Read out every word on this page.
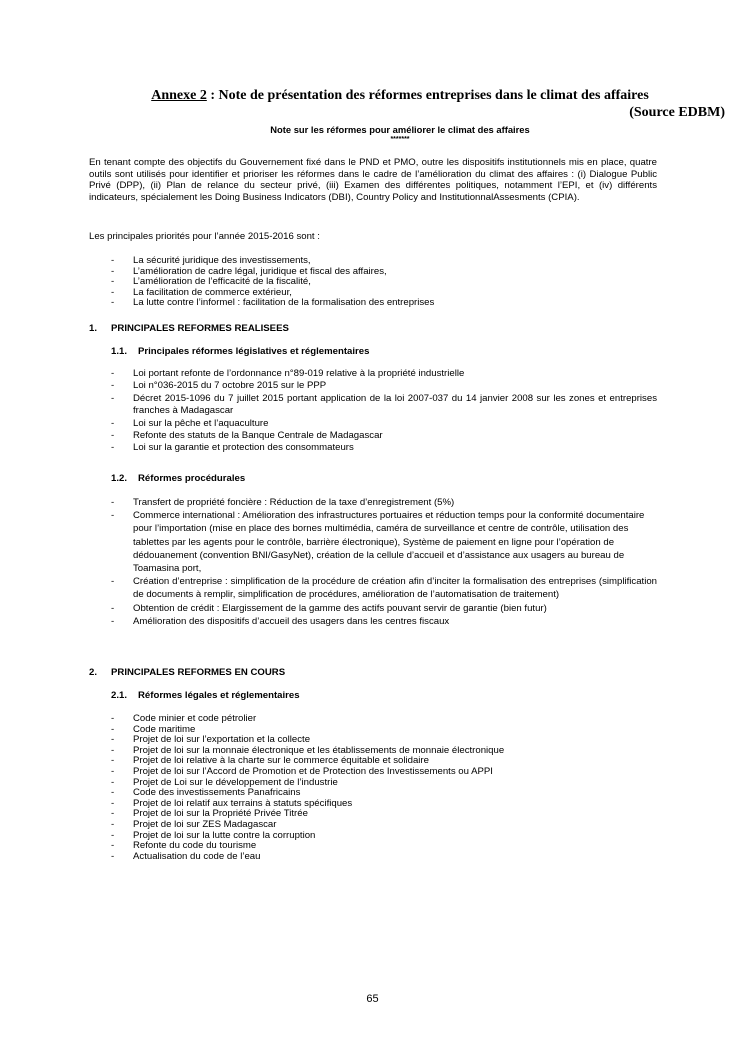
Annexe 2 : Note de présentation des réformes entreprises dans le climat des affaires
(Source EDBM)
Note sur les réformes pour améliorer le climat des affaires
*******
En tenant compte des objectifs du Gouvernement fixé dans le PND et PMO, outre les dispositifs institutionnels mis en place, quatre outils sont utilisés pour identifier et prioriser les réformes dans le cadre de l’amélioration du climat des affaires : (i) Dialogue Public Privé (DPP), (ii) Plan de relance du secteur privé, (iii) Examen des différentes politiques, notamment l’EPI, et (iv) différents indicateurs, spécialement les Doing Business Indicators (DBI), Country Policy and InstitutionnalAssesments (CPIA).
Les principales priorités pour l’année 2015-2016 sont :
- La sécurité juridique des investissements,
- L’amélioration de cadre légal, juridique et fiscal des affaires,
- L’amélioration de l’efficacité de la fiscalité,
- La facilitation de commerce extérieur,
- La lutte contre l’informel : facilitation de la formalisation des entreprises
1. PRINCIPALES REFORMES REALISEES
1.1. Principales réformes législatives et réglementaires
- Loi portant refonte de l’ordonnance n°89-019 relative à la propriété industrielle
- Loi n°036-2015 du 7 octobre 2015 sur le PPP
- Décret 2015-1096 du 7 juillet 2015 portant application de la loi 2007-037 du 14 janvier 2008 sur les zones et entreprises franches à Madagascar
- Loi sur la pêche et l’aquaculture
- Refonte des statuts de la Banque Centrale de Madagascar
- Loi sur la garantie et protection des consommateurs
1.2. Réformes procédurales
- Transfert de propriété foncière : Réduction de la taxe d’enregistrement (5%)
- Commerce international : Amélioration des infrastructures portuaires et réduction temps pour la conformité documentaire pour l’importation (mise en place des bornes multimédia, caméra de surveillance et centre de contrôle, utilisation des tablettes par les agents pour le contrôle, barrière électronique), Système de paiement en ligne pour l’opération de dédouanement (convention BNI/GasyNet), création de la cellule d’accueil et d’assistance aux usagers au bureau de Toamasina port,
- Création d’entreprise : simplification de la procédure de création afin d’inciter la formalisation des entreprises (simplification de documents à remplir, simplification de procédures, amélioration de l’automatisation de traitement)
- Obtention de crédit : Elargissement de la gamme des actifs pouvant servir de garantie (bien futur)
- Amélioration des dispositifs d’accueil des usagers dans les centres fiscaux
2. PRINCIPALES REFORMES EN COURS
2.1. Réformes légales et réglementaires
- Code minier et code pétrolier
- Code maritime
- Projet de loi sur l’exportation et la collecte
- Projet de loi sur la monnaie électronique et les établissements de monnaie électronique
- Projet de loi relative à la charte sur le commerce équitable et solidaire
- Projet de loi sur l’Accord de Promotion et de Protection des Investissements ou APPI
- Projet de Loi sur le développement de l’industrie
- Code des investissements Panafricains
- Projet de loi relatif aux terrains à statuts spécifiques
- Projet de loi sur la Propriété Privée Titrée
- Projet de loi sur ZES Madagascar
- Projet de loi sur la lutte contre la corruption
- Refonte du code du tourisme
- Actualisation du code de l’eau
65
